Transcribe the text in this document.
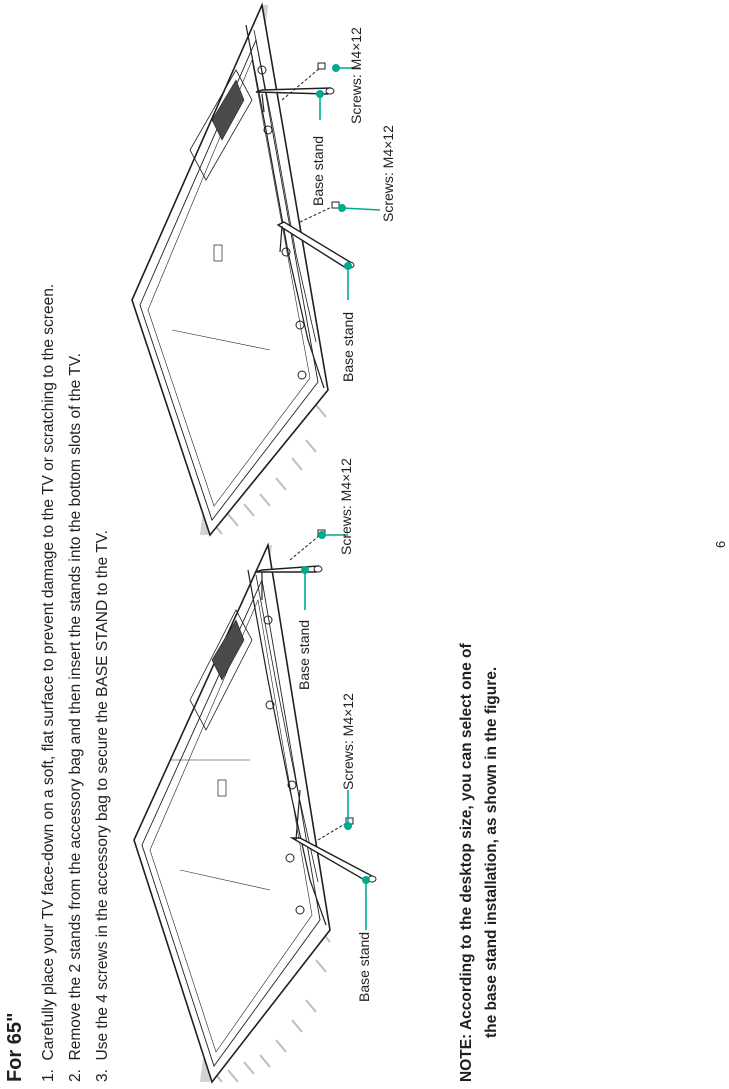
For 65" 1.  Carefully place your TV face-down on a soft, flat surface to prevent damage to the TV or scratching to the screen.
2.  Remove the 2 stands from the accessory bag and then insert the stands into the bottom slots of the TV.
3.  Use the 4 screws in the accessory bag to secure the BASE STAND to the TV.	Base stand
Screws: M4×12
Base stand
Screws: M4×12
Base stand
Screws: M4×12
Base stand
Screws: M4×12
NOTE: According to the desktop size, you can select one of the base stand installation, as shown in the figure.
6
